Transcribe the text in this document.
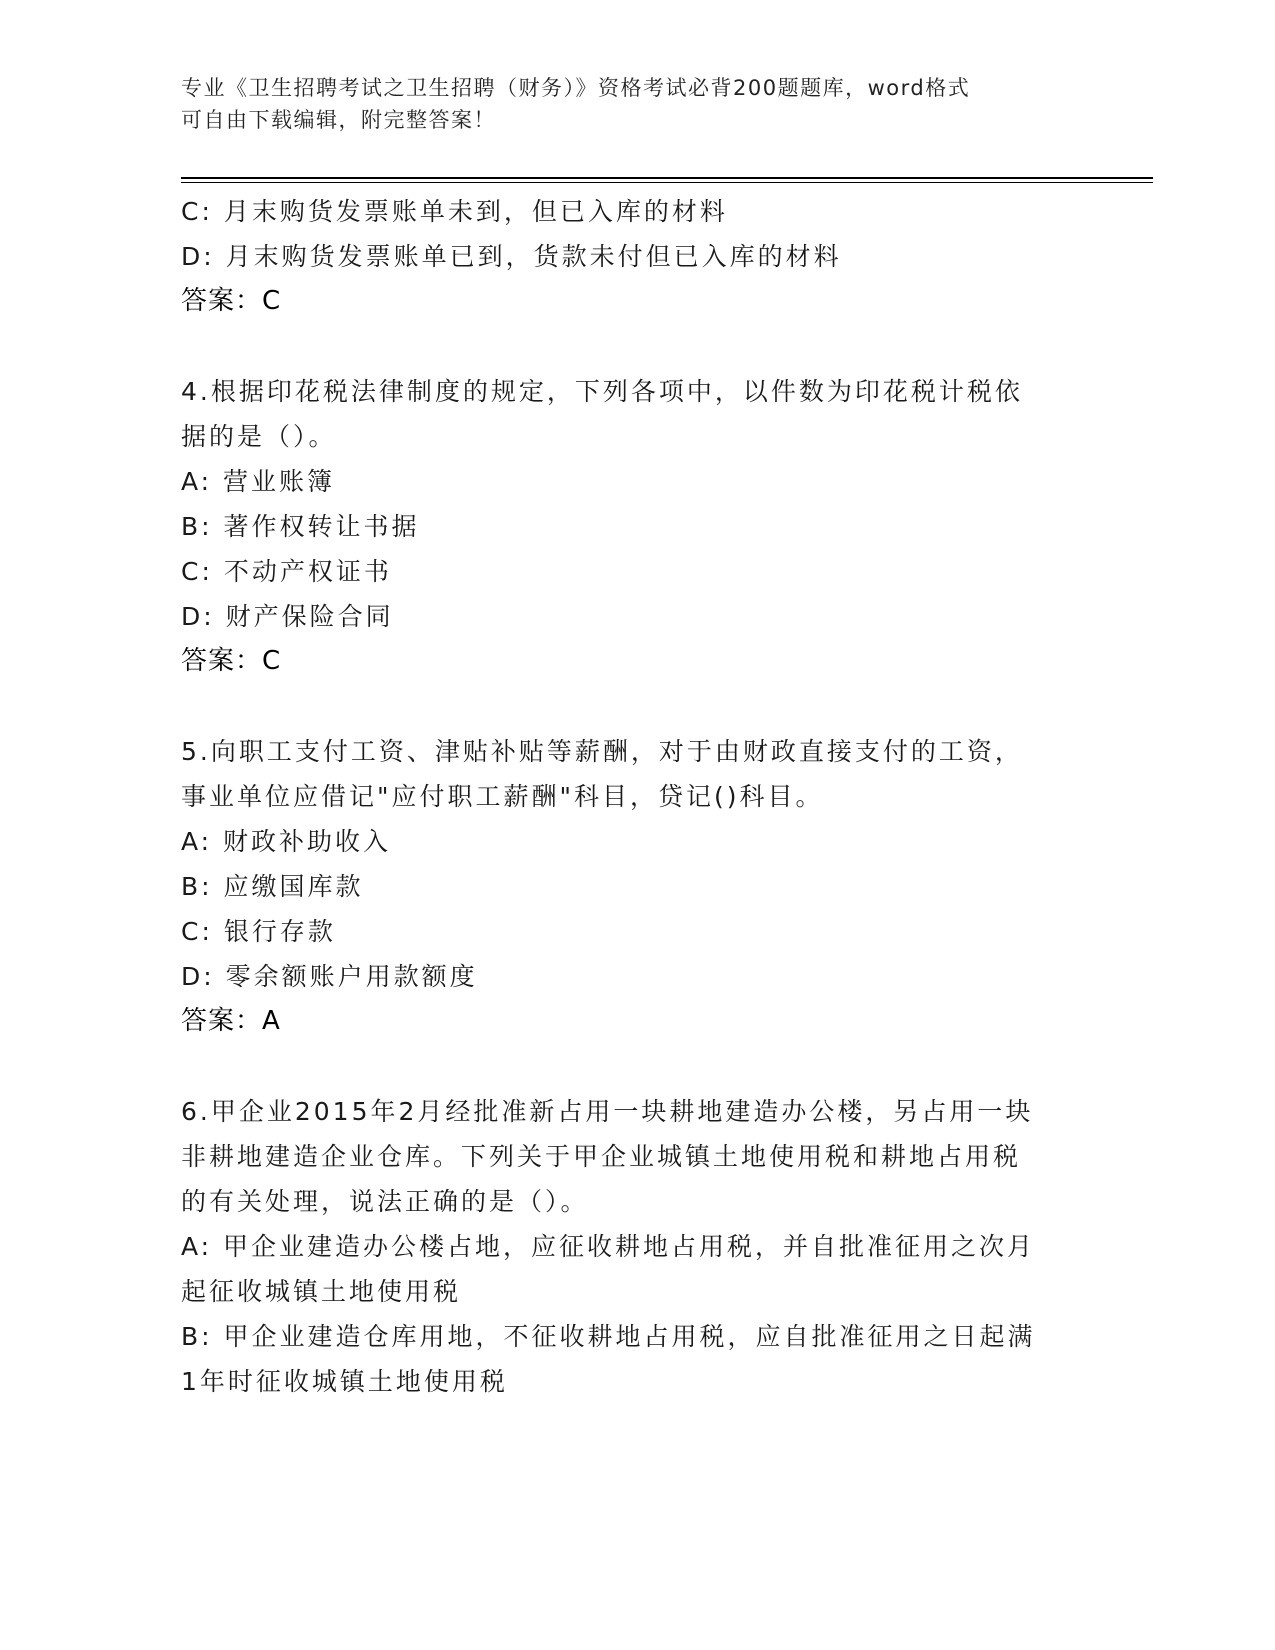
专业《卫生招聘考试之卫生招聘（财务）》资格考试必背200题题库，word格式
可自由下载编辑，附完整答案！
C: 月末购货发票账单未到，但已入库的材料
D: 月末购货发票账单已到，货款未付但已入库的材料
答案：C
4.根据印花税法律制度的规定，下列各项中，以件数为印花税计税依
据的是（）。
A: 营业账簿
B: 著作权转让书据
C: 不动产权证书
D: 财产保险合同
答案：C
5.向职工支付工资、津贴补贴等薪酬，对于由财政直接支付的工资，
事业单位应借记"应付职工薪酬"科目，贷记()科目。
A: 财政补助收入
B: 应缴国库款
C: 银行存款
D: 零余额账户用款额度
答案：A
6.甲企业2015年2月经批准新占用一块耕地建造办公楼，另占用一块
非耕地建造企业仓库。下列关于甲企业城镇土地使用税和耕地占用税
的有关处理，说法正确的是（）。
A: 甲企业建造办公楼占地，应征收耕地占用税，并自批准征用之次月
起征收城镇土地使用税
B: 甲企业建造仓库用地，不征收耕地占用税，应自批准征用之日起满
1年时征收城镇土地使用税
